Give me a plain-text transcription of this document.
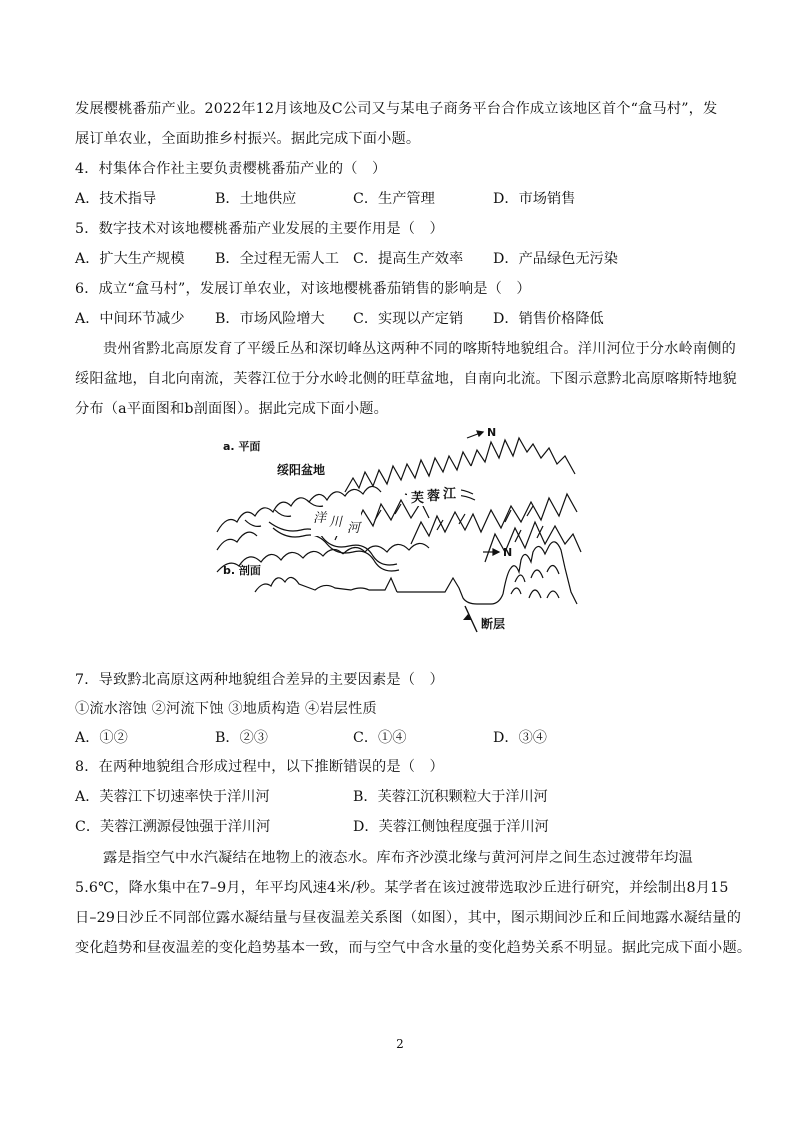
发展樱桃番茄产业。2022年12月该地及C公司又与某电子商务平台合作成立该地区首个“盒马村”，发
展订单农业，全面助推乡村振兴。据此完成下面小题。
4．村集体合作社主要负责樱桃番茄产业的（　）
A．技术指导	B．土地供应	C．生产管理	D．市场销售
5．数字技术对该地樱桃番茄产业发展的主要作用是（　）
A．扩大生产规模 B．全过程无需人工 C．提高生产效率 D．产品绿色无污染
6．成立“盒马村”，发展订单农业，对该地樱桃番茄销售的影响是（　）
A．中间环节减少 B．市场风险增大 C．实现以产定销 D．销售价格降低
贵州省黔北高原发育了平缓丘丛和深切峰丛这两种不同的喀斯特地貌组合。洋川河位于分水岭南侧的
绥阳盆地，自北向南流，芙蓉江位于分水岭北侧的旺草盆地，自南向北流。下图示意黔北高原喀斯特地貌
分布（a平面图和b剖面图）。据此完成下面小题。
a. 平面
绥阳盆地
N
芙 蓉 江
洋 川 河
b. 剖面
N
断层
7．导致黔北高原这两种地貌组合差异的主要因素是（　）
①流水溶蚀 ②河流下蚀 ③地质构造 ④岩层性质
A．①②	B．②③	C．①④	D．③④
8．在两种地貌组合形成过程中，以下推断错误的是（　）
A．芙蓉江下切速率快于洋川河	B．芙蓉江沉积颗粒大于洋川河
C．芙蓉江溯源侵蚀强于洋川河	D．芙蓉江侧蚀程度强于洋川河
露是指空气中水汽凝结在地物上的液态水。库布齐沙漠北缘与黄河河岸之间生态过渡带年均温
5.6℃，降水集中在7–9月，年平均风速4米/秒。某学者在该过渡带选取沙丘进行研究，并绘制出8月15
日–29日沙丘不同部位露水凝结量与昼夜温差关系图（如图），其中，图示期间沙丘和丘间地露水凝结量的
变化趋势和昼夜温差的变化趋势基本一致，而与空气中含水量的变化趋势关系不明显。据此完成下面小题。
2
